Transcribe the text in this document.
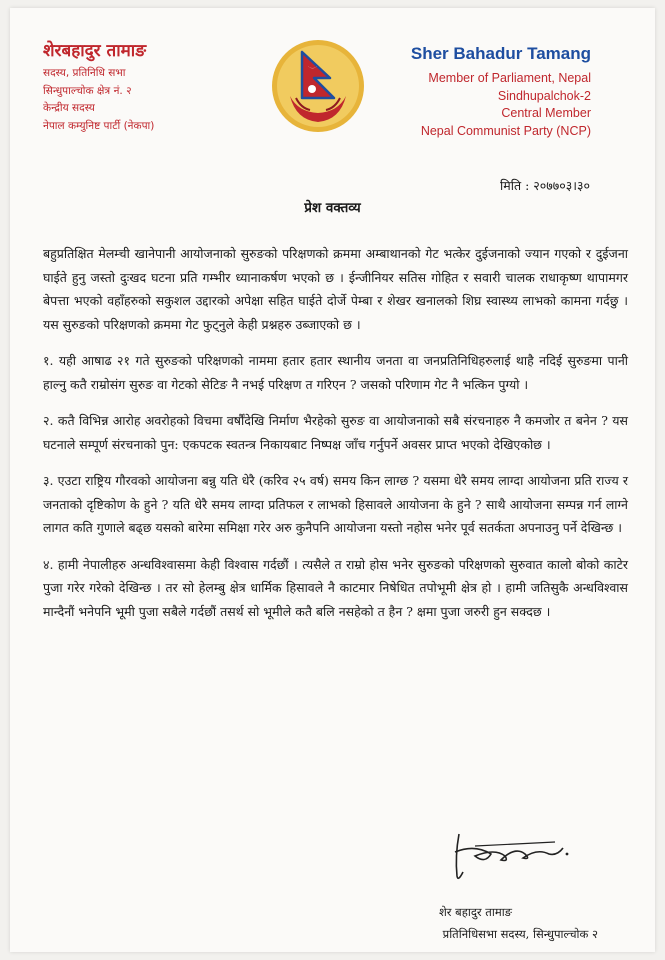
शेरबहादुर तामाङ
सदस्य, प्रतिनिधि सभा
सिन्धुपाल्चोक क्षेत्र नं. २
केन्द्रीय सदस्य
नेपाल कम्युनिष्ट पार्टी (नेकपा)
Sher Bahadur Tamang
Member of Parliament, Nepal
Sindhupalchok-2
Central Member
Nepal Communist Party (NCP)
मिति : २०७७०३।३०
प्रेश वक्तव्य

बहुप्रतिक्षित मेलम्ची खानेपानी आयोजनाको सुरुङको परिक्षणको क्रममा अम्बाथानको गेट भत्केर दुईजनाको ज्यान गएको र दुईजना घाईते हुनु जस्तो दुःखद घटना प्रति गम्भीर ध्यानाकर्षण भएको छ । ईन्जीनियर सतिस गोहित र सवारी चालक राधाकृष्ण थापामगर बेपत्ता भएको वहाँहरुको सकुशल उद्दारको अपेक्षा सहित घाईते दोर्जे पेम्बा र शेखर खनालको शिघ्र स्वास्थ्य लाभको कामना गर्दछु । यस सुरुङको परिक्षणको क्रममा गेट फुट्नुले केही प्रश्नहरु उब्जाएको छ ।

१. यही आषाढ २१ गते सुरुङको परिक्षणको नाममा हतार हतार स्थानीय जनता वा जनप्रतिनिधिहरुलाई थाहै नदिई सुरुङमा पानी हाल्नु कतै राम्रोसंग सुरुङ वा गेटको सेटिङ नै नभई परिक्षण त गरिएन ? जसको परिणाम गेट नै भत्किन पुग्यो ।

२. कतै विभिन्न आरोह अवरोहको विचमा वर्षौंदेखि निर्माण भैरहेको सुरुङ वा आयोजनाको सबै संरचनाहरु नै कमजोर त बनेन ? यस घटनाले सम्पूर्ण संरचनाको पुन: एकपटक स्वतन्त्र निकायबाट निष्पक्ष जाँच गर्नुपर्ने अवसर प्राप्त भएको देखिएकोछ ।

३. एउटा राष्ट्रिय गौरवको आयोजना बन्नु यति धेरै (करिव २५ वर्ष) समय किन लाग्छ ? यसमा धेरै समय लाग्दा आयोजना प्रति राज्य र जनताको दृष्टिकोण के हुने ? यति धेरै समय लाग्दा प्रतिफल र लाभको हिसावले आयोजना के हुने ? साथै आयोजना सम्पन्न गर्न लाग्ने लागत कति गुणाले बढ्छ यसको बारेमा समिक्षा गरेर अरु कुनैपनि आयोजना यस्तो नहोस भनेर पूर्व सतर्कता अपनाउनु पर्ने देखिन्छ ।

४. हामी नेपालीहरु अन्धविश्वासमा केही विश्वास गर्दछौं । त्यसैले त राम्रो होस भनेर सुरुङको परिक्षणको सुरुवात कालो बोको काटेर पुजा गरेर गरेको देखिन्छ । तर सो हेलम्बु क्षेत्र धार्मिक हिसावले नै काटमार निषेधित तपोभूमी क्षेत्र हो । हामी जतिसुकै अन्धविश्वास मान्दैनौं भनेपनि भूमी पुजा सबैले गर्दछौं तसर्थ सो भूमीले कतै बलि नसहेको त हैन ? क्षमा पुजा जरुरी हुन सक्दछ ।

शेर बहादुर तामाङ
प्रतिनिधिसभा सदस्य, सिन्धुपाल्चोक २
